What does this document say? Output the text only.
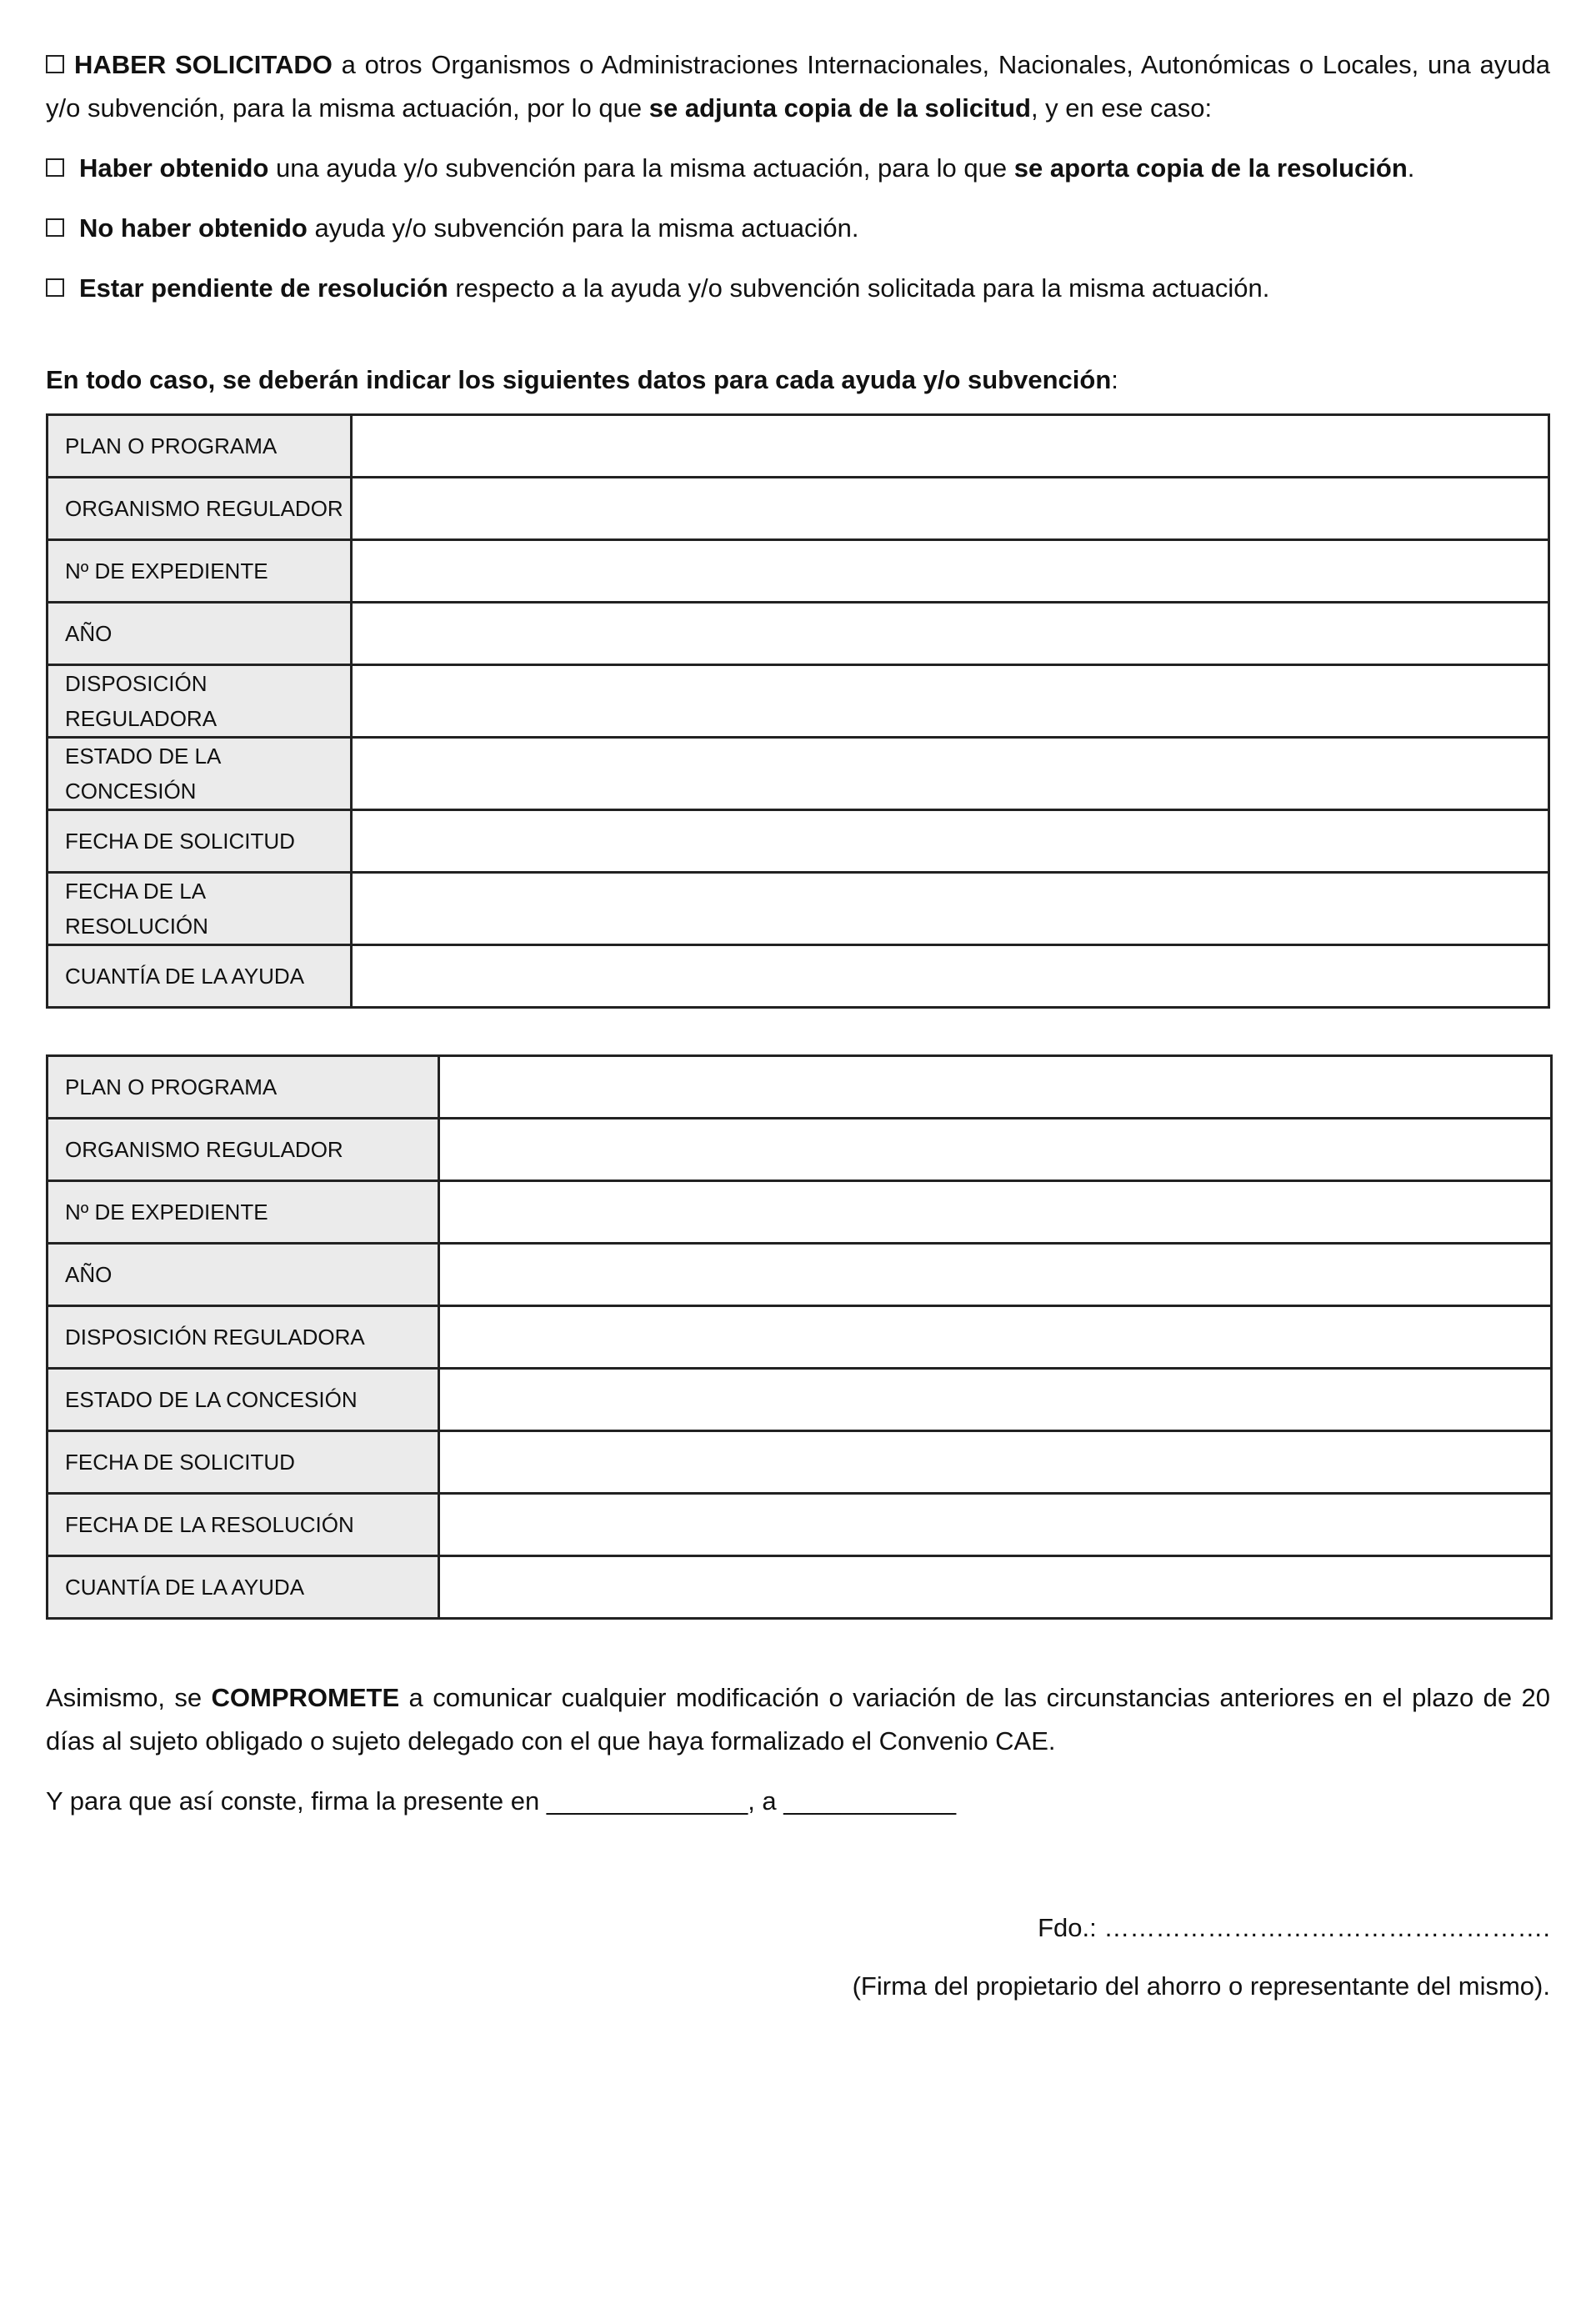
HABER SOLICITADO a otros Organismos o Administraciones Internacionales, Nacionales, Autonómicas o Locales, una ayuda y/o subvención, para la misma actuación, por lo que se adjunta copia de la solicitud, y en ese caso:

Haber obtenido una ayuda y/o subvención para la misma actuación, para lo que se aporta copia de la resolución.

No haber obtenido ayuda y/o subvención para la misma actuación.

Estar pendiente de resolución respecto a la ayuda y/o subvención solicitada para la misma actuación.

En todo caso, se deberán indicar los siguientes datos para cada ayuda y/o subvención:

PLAN O PROGRAMA	
ORGANISMO REGULADOR	
Nº DE EXPEDIENTE	
AÑO	
DISPOSICIÓN REGULADORA	
ESTADO DE LA CONCESIÓN	
FECHA DE SOLICITUD	
FECHA DE LA RESOLUCIÓN	
CUANTÍA DE LA AYUDA	
PLAN O PROGRAMA	
ORGANISMO REGULADOR	
Nº DE EXPEDIENTE	
AÑO	
DISPOSICIÓN REGULADORA	
ESTADO DE LA CONCESIÓN	
FECHA DE SOLICITUD	
FECHA DE LA RESOLUCIÓN	
CUANTÍA DE LA AYUDA	

Asimismo, se COMPROMETE a comunicar cualquier modificación o variación de las circunstancias anteriores en el plazo de 20 días al sujeto obligado o sujeto delegado con el que haya formalizado el Convenio CAE.

Y para que así conste, firma la presente en ______________, a ____________

Fdo.: …………………………………………….

(Firma del propietario del ahorro o representante del mismo).
